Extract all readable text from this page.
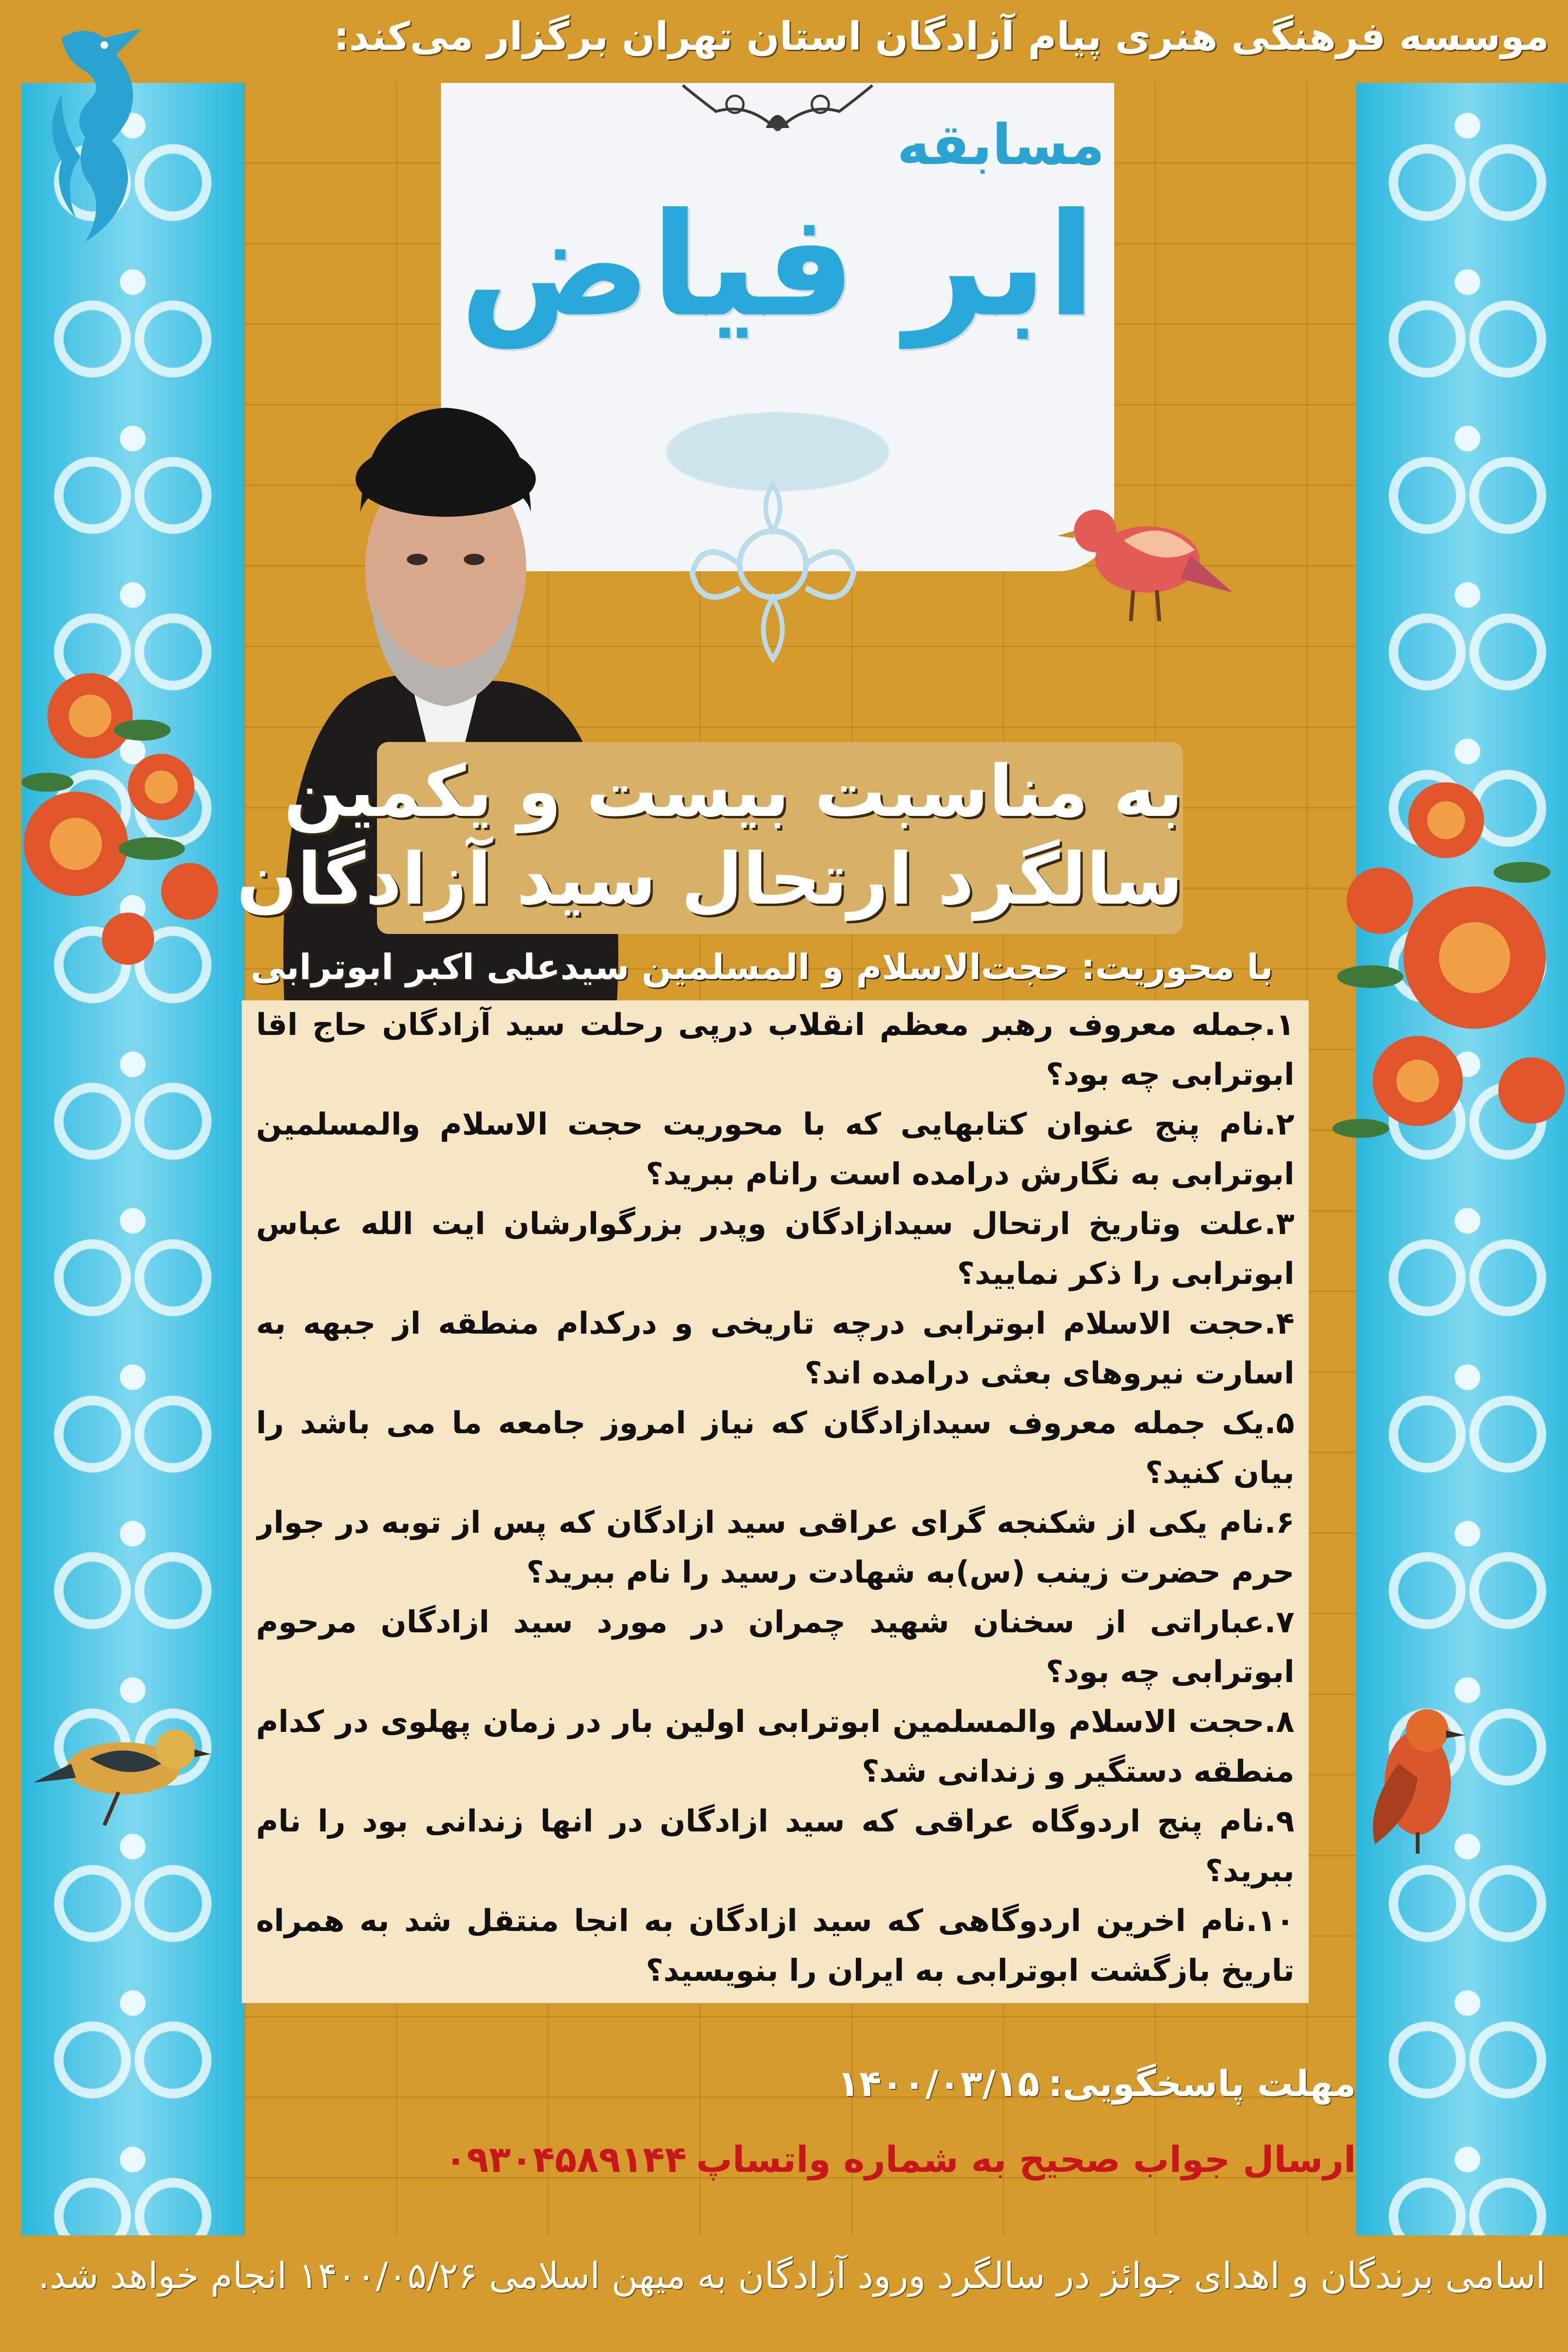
موسسه فرهنگی هنری پیام آزادگان استان تهران برگزار می‌کند:
مسابقه
ابر فیاض
به مناسبت بیست و یکمین
سالگرد ارتحال سید آزادگان
با محوریت: حجت‌الاسلام و المسلمین سیدعلی اکبر ابوترابی

۱.جمله معروف رهبر معظم انقلاب درپی رحلت سید آزادگان حاج اقا ابوترابی چه بود؟

۲.نام پنج عنوان کتابهایی که با محوریت حجت الاسلام والمسلمین ابوترابی به نگارش درامده است رانام ببرید؟

۳.علت وتاریخ ارتحال سیدازادگان وپدر بزرگوارشان ایت الله عباس ابوترابی را ذکر نمایید؟

۴.حجت الاسلام ابوترابی درچه تاریخی و درکدام منطقه از جبهه به اسارت نیروهای بعثی درامده اند؟

۵.یک جمله معروف سیدازادگان که نیاز امروز جامعه ما می باشد را بیان کنید؟

۶.نام یکی از شکنجه گرای عراقی سید ازادگان که پس از توبه در جوار حرم حضرت زینب (س)به شهادت رسید را نام ببرید؟

۷.عباراتی از سخنان شهید چمران در مورد سید ازادگان مرحوم ابوترابی چه بود؟

۸.حجت الاسلام والمسلمین ابوترابی اولین بار در زمان پهلوی در کدام منطقه دستگیر و زندانی شد؟

۹.نام پنج اردوگاه عراقی که سید ازادگان در انها زندانی بود را نام ببرید؟

۱۰.نام اخرین اردوگاهی که سید ازادگان به انجا منتقل شد به همراه تاریخ بازگشت ابوترابی به ایران را بنویسید؟

مهلت پاسخگویی:۱۴۰۰/۰۳/۱۵
ارسال جواب صحیح به شماره واتساپ۰۹۳۰۴۵۸۹۱۴۴
اسامی برندگان و اهدای جوائز در سالگرد ورود آزادگان به میهن اسلامی ۱۴۰۰/۰۵/۲۶ انجام خواهد شد.
